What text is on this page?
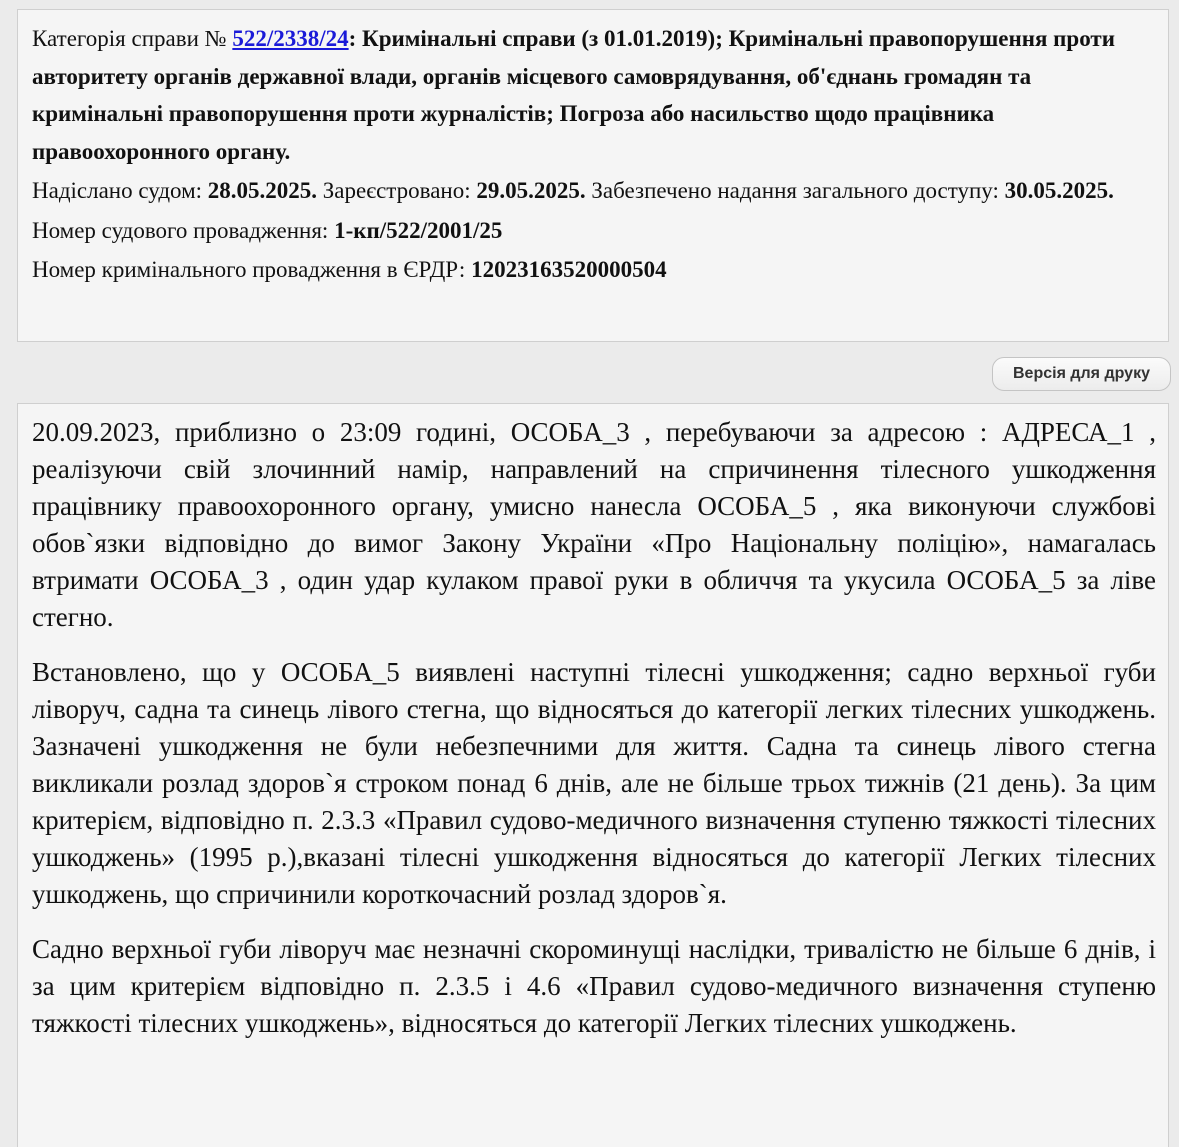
Категорія справи № 522/2338/24: Кримінальні справи (з 01.01.2019); Кримінальні правопорушення проти авторитету органів державної влади, органів місцевого самоврядування, об'єднань громадян та кримінальні правопорушення проти журналістів; Погроза або насильство щодо працівника правоохоронного органу.

Надіслано судом: 28.05.2025. Зареєстровано: 29.05.2025. Забезпечено надання загального доступу: 30.05.2025.

Номер судового провадження: 1-кп/522/2001/25

Номер кримінального провадження в ЄРДР: 12023163520000504

Версія для друку

20.09.2023, приблизно о 23:09 годині, ОСОБА_3 , перебуваючи за адресою : АДРЕСА_1 , реалізуючи свій злочинний намір, направлений на спричинення тілесного ушкодження працівнику правоохоронного органу, умисно нанесла ОСОБА_5 , яка виконуючи службові обов`язки відповідно до вимог Закону України «Про Національну поліцію», намагалась втримати ОСОБА_3 , один удар кулаком правої руки в обличчя та укусила ОСОБА_5 за ліве стегно.

Встановлено, що у ОСОБА_5 виявлені наступні тілесні ушкодження; садно верхньої губи ліворуч, садна та синець лівого стегна, що відносяться до категорії легких тілесних ушкоджень. Зазначені ушкодження не були небезпечними для життя. Садна та синець лівого стегна викликали розлад здоров`я строком понад 6 днів, але не більше трьох тижнів (21 день). За цим критерієм, відповідно п. 2.3.3 «Правил судово-медичного визначення ступеню тяжкості тілесних ушкоджень» (1995 р.),вказані тілесні ушкодження відносяться до категорії Легких тілесних ушкоджень, що спричинили короткочасний розлад здоров`я.

Садно верхньої губи ліворуч має незначні скороминущі наслідки, тривалістю не більше 6 днів, і за цим критерієм відповідно п. 2.3.5 і 4.6 «Правил судово-медичного визначення ступеню тяжкості тілесних ушкоджень», відносяться до категорії Легких тілесних ушкоджень.
